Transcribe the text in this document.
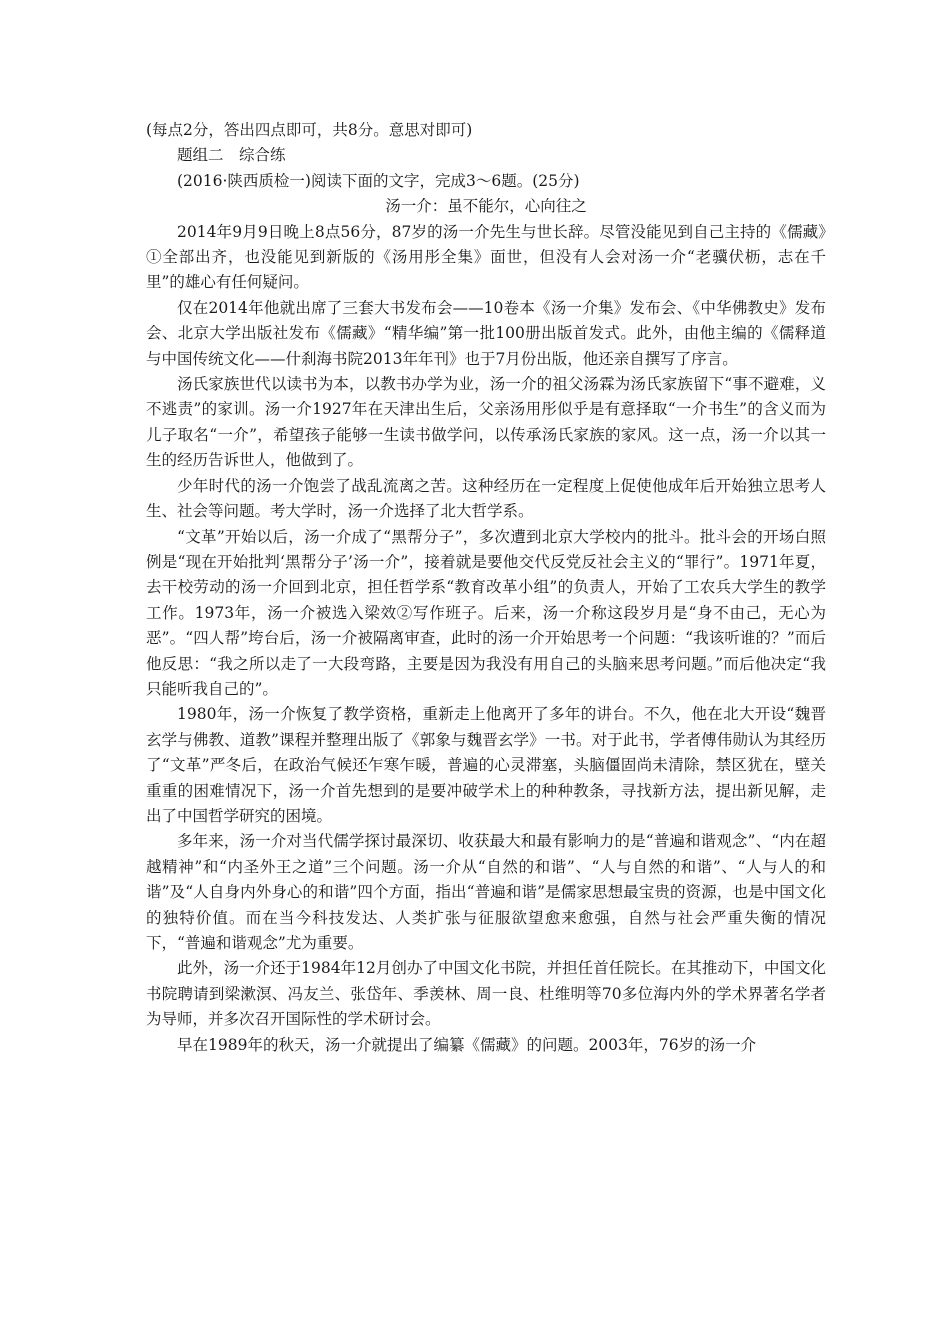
(每点2分，答出四点即可，共8分。意思对即可)

题组二　综合练

(2016·陕西质检一)阅读下面的文字，完成3～6题。(25分)

汤一介：虽不能尔，心向往之

2014年9月9日晚上8点56分，87岁的汤一介先生与世长辞。尽管没能见到自己主持的《儒藏》①全部出齐，也没能见到新版的《汤用彤全集》面世，但没有人会对汤一介“老骥伏枥，志在千里”的雄心有任何疑问。

仅在2014年他就出席了三套大书发布会——10卷本《汤一介集》发布会、《中华佛教史》发布会、北京大学出版社发布《儒藏》“精华编”第一批100册出版首发式。此外，由他主编的《儒释道与中国传统文化——什刹海书院2013年年刊》也于7月份出版，他还亲自撰写了序言。

汤氏家族世代以读书为本，以教书办学为业，汤一介的祖父汤霖为汤氏家族留下“事不避难，义不逃责”的家训。汤一介1927年在天津出生后，父亲汤用彤似乎是有意择取“一介书生”的含义而为儿子取名“一介”，希望孩子能够一生读书做学问，以传承汤氏家族的家风。这一点，汤一介以其一生的经历告诉世人，他做到了。

少年时代的汤一介饱尝了战乱流离之苦。这种经历在一定程度上促使他成年后开始独立思考人生、社会等问题。考大学时，汤一介选择了北大哲学系。

“文革”开始以后，汤一介成了“黑帮分子”，多次遭到北京大学校内的批斗。批斗会的开场白照例是“现在开始批判‘黑帮分子’汤一介”，接着就是要他交代反党反社会主义的“罪行”。1971年夏，去干校劳动的汤一介回到北京，担任哲学系“教育改革小组”的负责人，开始了工农兵大学生的教学工作。1973年，汤一介被选入梁效②写作班子。后来，汤一介称这段岁月是“身不由己，无心为恶”。“四人帮”垮台后，汤一介被隔离审查，此时的汤一介开始思考一个问题：“我该听谁的？”而后他反思：“我之所以走了一大段弯路，主要是因为我没有用自己的头脑来思考问题。”而后他决定“我只能听我自己的”。

1980年，汤一介恢复了教学资格，重新走上他离开了多年的讲台。不久，他在北大开设“魏晋玄学与佛教、道教”课程并整理出版了《郭象与魏晋玄学》一书。对于此书，学者傅伟勋认为其经历了“文革”严冬后，在政治气候还乍寒乍暖，普遍的心灵滞塞，头脑僵固尚未清除，禁区犹在，壁关重重的困难情况下，汤一介首先想到的是要冲破学术上的种种教条，寻找新方法，提出新见解，走出了中国哲学研究的困境。

多年来，汤一介对当代儒学探讨最深切、收获最大和最有影响力的是“普遍和谐观念”、“内在超越精神”和“内圣外王之道”三个问题。汤一介从“自然的和谐”、“人与自然的和谐”、“人与人的和谐”及“人自身内外身心的和谐”四个方面，指出“普遍和谐”是儒家思想最宝贵的资源，也是中国文化的独特价值。而在当今科技发达、人类扩张与征服欲望愈来愈强，自然与社会严重失衡的情况下，“普遍和谐观念”尤为重要。

此外，汤一介还于1984年12月创办了中国文化书院，并担任首任院长。在其推动下，中国文化书院聘请到梁漱溟、冯友兰、张岱年、季羡林、周一良、杜维明等70多位海内外的学术界著名学者为导师，并多次召开国际性的学术研讨会。

早在1989年的秋天，汤一介就提出了编纂《儒藏》的问题。2003年，76岁的汤一介
